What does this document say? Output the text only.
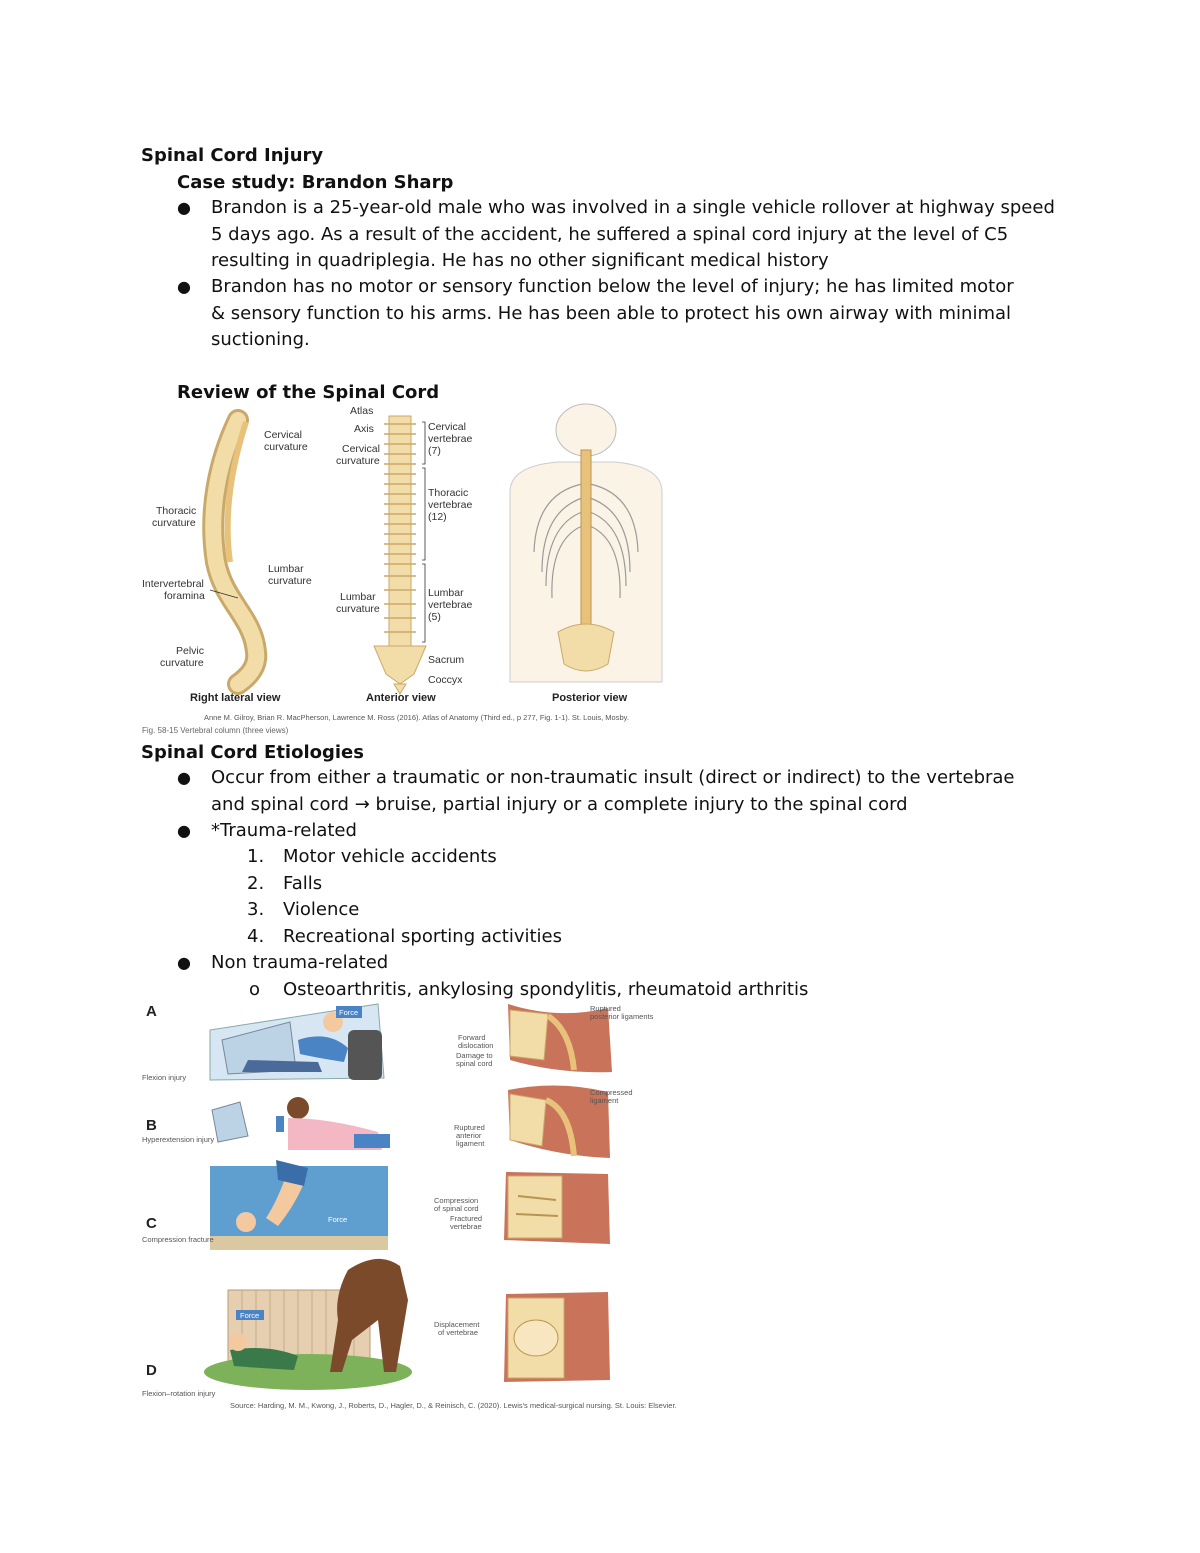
Spinal Cord Injury
Case study: Brandon Sharp
● Brandon is a 25-year-old male who was involved in a single vehicle rollover at highway speed 5 days ago. As a result of the accident, he suffered a spinal cord injury at the level of C5 resulting in quadriplegia. He has no other significant medical history
● Brandon has no motor or sensory function below the level of injury; he has limited motor & sensory function to his arms. He has been able to protect his own airway with minimal suctioning.
Review of the Spinal Cord
Cervical
curvature
Thoracic
curvature
Intervertebral
foramina
Lumbar
curvature
Pelvic
curvature
Atlas
Axis
Cervical
curvature
Cervical
vertebrae
(7)
Thoracic
vertebrae
(12)
Lumbar
curvature
Lumbar
vertebrae
(5)
Sacrum
Coccyx
Right lateral view	Anterior view	Posterior view
Anne M. Gilroy, Brian R. MacPherson, Lawrence M. Ross (2016). Atlas of Anatomy (Third ed., p 277, Fig. 1-1). St. Louis, Mosby.
Fig. 58-15 Vertebral column (three views)
Spinal Cord Etiologies
● Occur from either a traumatic or non-traumatic insult (direct or indirect) to the vertebrae and spinal cord → bruise, partial injury or a complete injury to the spinal cord
● *Trauma-related
1.	Motor vehicle accidents
2.	Falls
3.	Violence
4.	Recreational sporting activities
● Non trauma-related
o	Osteoarthritis, ankylosing spondylitis, rheumatoid arthritis
A	Force
Flexion injury
Ruptured
posterior ligaments
Forward
dislocation
Damage to
spinal cord
B
Hyperextension injury
Compressed
ligament
Ruptured
anterior
ligament
C	Force
Compression fracture
Compression
of spinal cord
Fractured
vertebrae
D
Force
Flexion–rotation injury
Displacement
of vertebrae
Source: Harding, M. M., Kwong, J., Roberts, D., Hagler, D., & Reinisch, C. (2020). Lewis's medical-surgical nursing. St. Louis: Elsevier.
